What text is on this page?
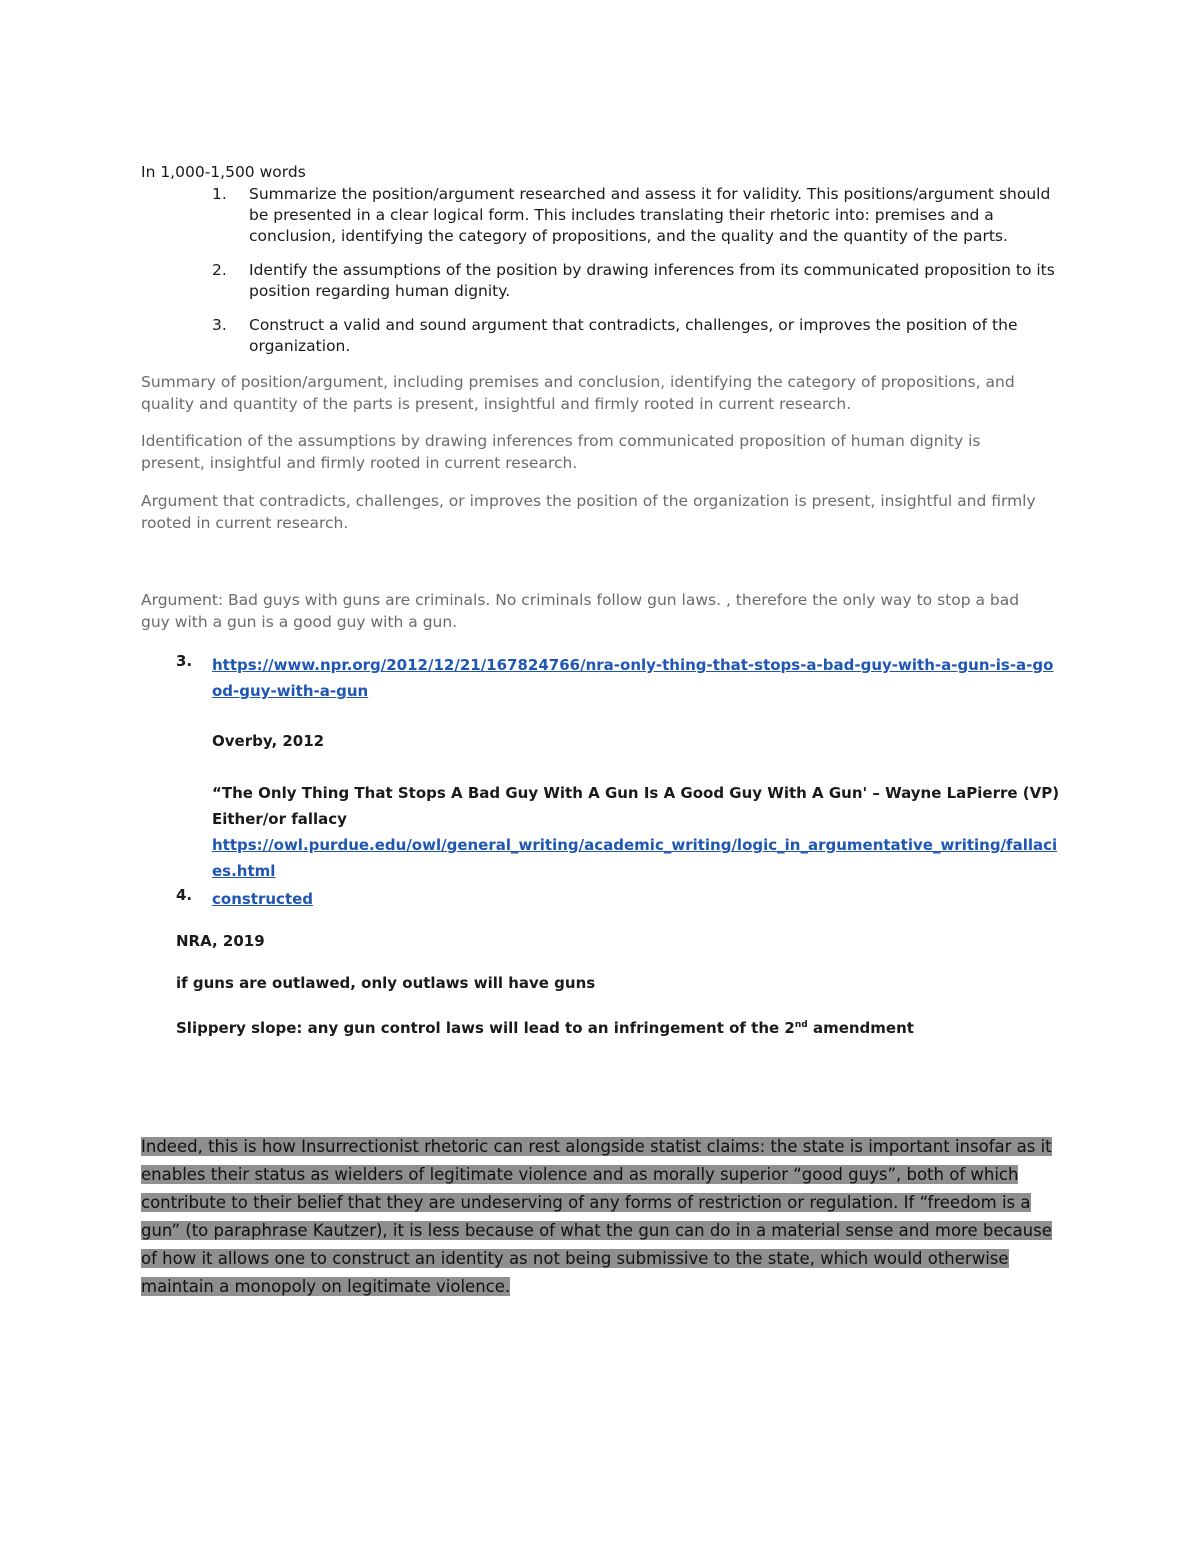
In 1,000-1,500 words
1.	Summarize the position/argument researched and assess it for validity. This positions/argument should be presented in a clear logical form. This includes translating their rhetoric into: premises and a conclusion, identifying the category of propositions, and the quality and the quantity of the parts.
2.	Identify the assumptions of the position by drawing inferences from its communicated proposition to its position regarding human dignity.
3.	Construct a valid and sound argument that contradicts, challenges, or improves the position of the organization.
Summary of position/argument, including premises and conclusion, identifying the category of propositions, and quality and quantity of the parts is present, insightful and firmly rooted in current research.
Identification of the assumptions by drawing inferences from communicated proposition of human dignity is present, insightful and firmly rooted in current research.
Argument that contradicts, challenges, or improves the position of the organization is present, insightful and firmly rooted in current research.
Argument: Bad guys with guns are criminals. No criminals follow gun laws. , therefore the only way to stop a bad guy with a gun is a good guy with a gun.
3. https://www.npr.org/2012/12/21/167824766/nra-only-thing-that-stops-a-bad-guy-with-a-gun-is-a-good-guy-with-a-gun
Overby, 2012
“The Only Thing That Stops A Bad Guy With A Gun Is A Good Guy With A Gun' – Wayne LaPierre (VP)
Either/or fallacy
https://owl.purdue.edu/owl/general_writing/academic_writing/logic_in_argumentative_writing/fallacies.html
4. constructed
NRA, 2019
if guns are outlawed, only outlaws will have guns
Slippery slope: any gun control laws will lead to an infringement of the 2nd amendment
Indeed, this is how Insurrectionist rhetoric can rest alongside statist claims: the state is important insofar as it enables their status as wielders of legitimate violence and as morally superior “good guys”, both of which contribute to their belief that they are undeserving of any forms of restriction or regulation. If “freedom is a gun” (to paraphrase Kautzer), it is less because of what the gun can do in a material sense and more because of how it allows one to construct an identity as not being submissive to the state, which would otherwise maintain a monopoly on legitimate violence.
